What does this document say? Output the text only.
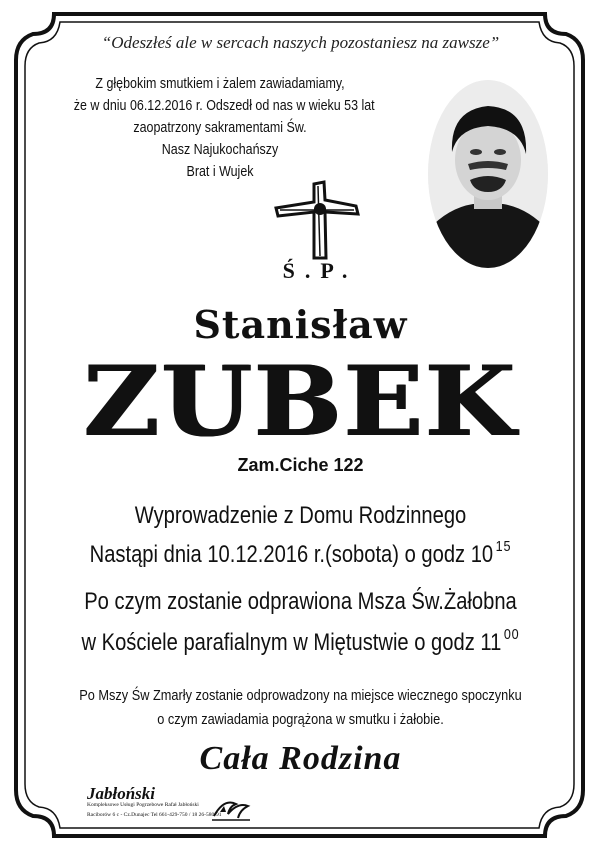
“Odeszłeś ale w sercach naszych pozostaniesz na zawsze”
Z głębokim smutkiem i żalem zawiadamiamy,
że w dniu 06.12.2016 r. Odszedł od nas w wieku 53 lat
zaopatrzony sakramentami Św.
Nasz Najukochańszy
Brat i Wujek
Ś.P.
Stanisław
ZUBEK
Zam.Ciche 122
Wyprowadzenie z Domu Rodzinnego
Nastąpi dnia 10.12.2016 r.(sobota) o godz 10 $^{15}$
Po czym zostanie odprawiona Msza Św.Żałobna
w Kościele parafialnym w Miętustwie o godz 11 $^{00}$
Po Mszy Św Zmarły zostanie odprowadzony na miejsce wiecznego spoczynku
o czym zawiadamia pogrążona w smutku i żałobie.
Cała Rodzina
Jabłoński
Kompleksowe Usługi Pogrzebowe Rafał Jabłoński
Raciborów 6 c - Cz.Dunajec Tel 661-429-750 / 18 26-580-91
